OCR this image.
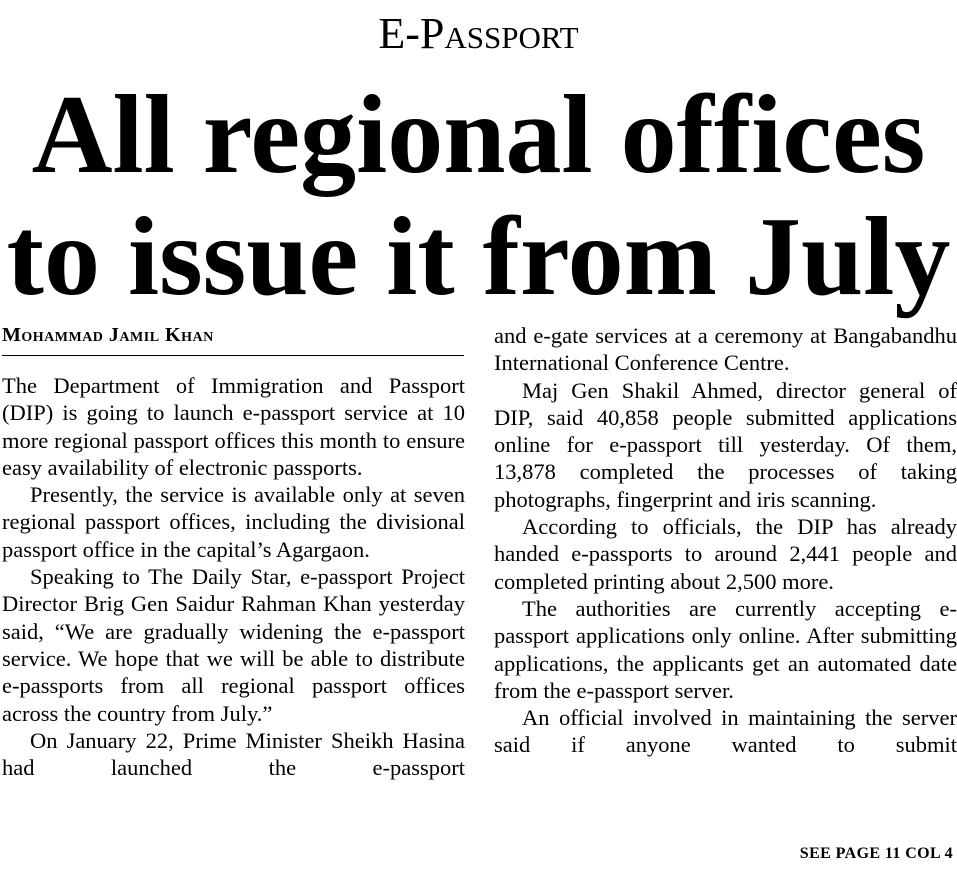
E-Passport
All regional offices
to issue it from July
Mohammad Jamil Khan

The Department of Immigration and Passport (DIP) is going to launch e-passport service at 10 more regional passport offices this month to ensure easy availability of electronic passports.

Presently, the service is available only at seven regional passport offices, including the divisional passport office in the capital’s Agargaon.

Speaking to The Daily Star, e-passport Project Director Brig Gen Saidur Rahman Khan yesterday said, “We are gradually widening the e-passport service. We hope that we will be able to distribute e-passports from all regional passport offices across the country from July.”

On January 22, Prime Minister Sheikh Hasina had launched the e-passport

and e-gate services at a ceremony at Bangabandhu International Conference Centre.

Maj Gen Shakil Ahmed, director general of DIP, said 40,858 people submitted applications online for e-passport till yesterday. Of them, 13,878 completed the processes of taking photographs, fingerprint and iris scanning.

According to officials, the DIP has already handed e-passports to around 2,441 people and completed printing about 2,500 more.

The authorities are currently accepting e-passport applications only online. After submitting applications, the applicants get an automated date from the e-passport server.

An official involved in maintaining the server said if anyone wanted to submit

SEE PAGE 11 COL 4
